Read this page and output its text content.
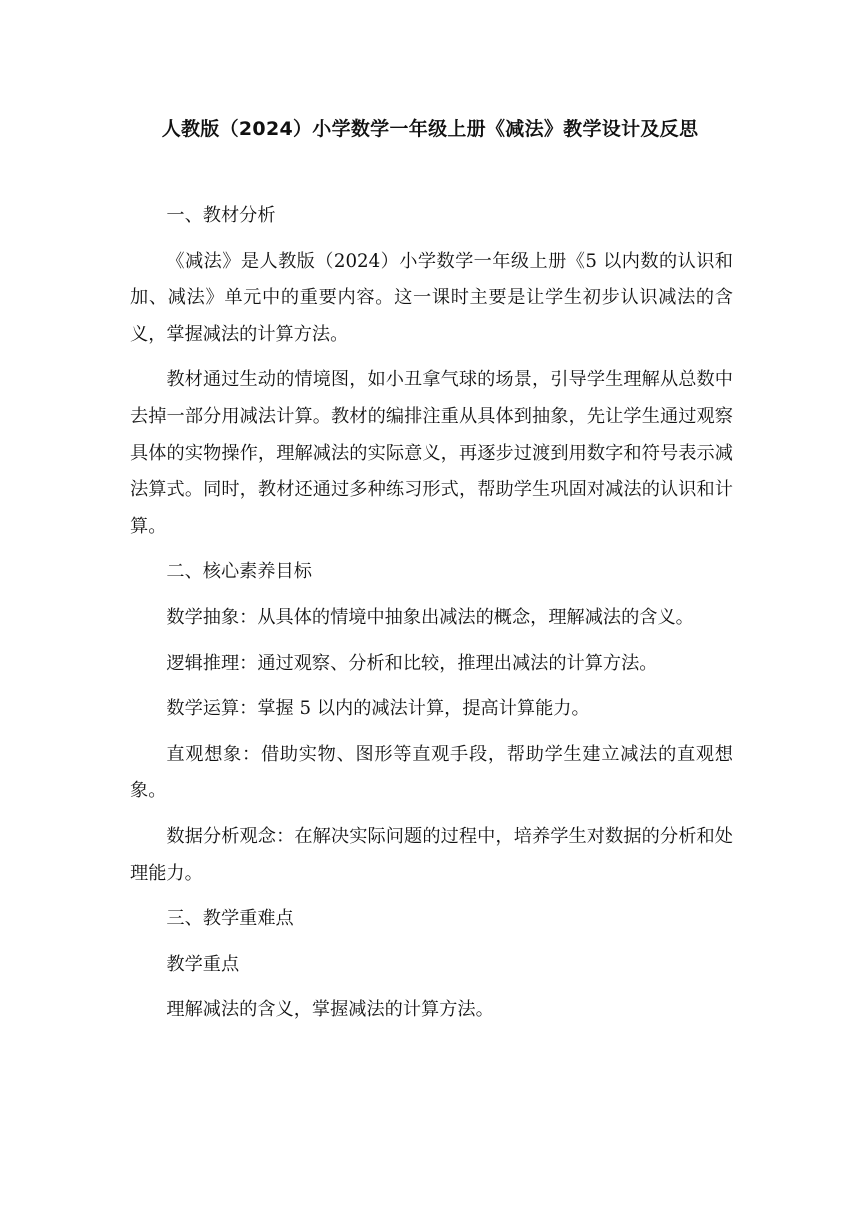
人教版（2024）小学数学一年级上册《减法》教学设计及反思

一、教材分析

《减法》是人教版（2024）小学数学一年级上册《5 以内数的认识和加、减法》单元中的重要内容。这一课时主要是让学生初步认识减法的含义，掌握减法的计算方法。

教材通过生动的情境图，如小丑拿气球的场景，引导学生理解从总数中去掉一部分用减法计算。教材的编排注重从具体到抽象，先让学生通过观察具体的实物操作，理解减法的实际意义，再逐步过渡到用数字和符号表示减法算式。同时，教材还通过多种练习形式，帮助学生巩固对减法的认识和计算。

二、核心素养目标

数学抽象：从具体的情境中抽象出减法的概念，理解减法的含义。

逻辑推理：通过观察、分析和比较，推理出减法的计算方法。

数学运算：掌握 5 以内的减法计算，提高计算能力。

直观想象：借助实物、图形等直观手段，帮助学生建立减法的直观想象。

数据分析观念：在解决实际问题的过程中，培养学生对数据的分析和处理能力。

三、教学重难点

教学重点

理解减法的含义，掌握减法的计算方法。
